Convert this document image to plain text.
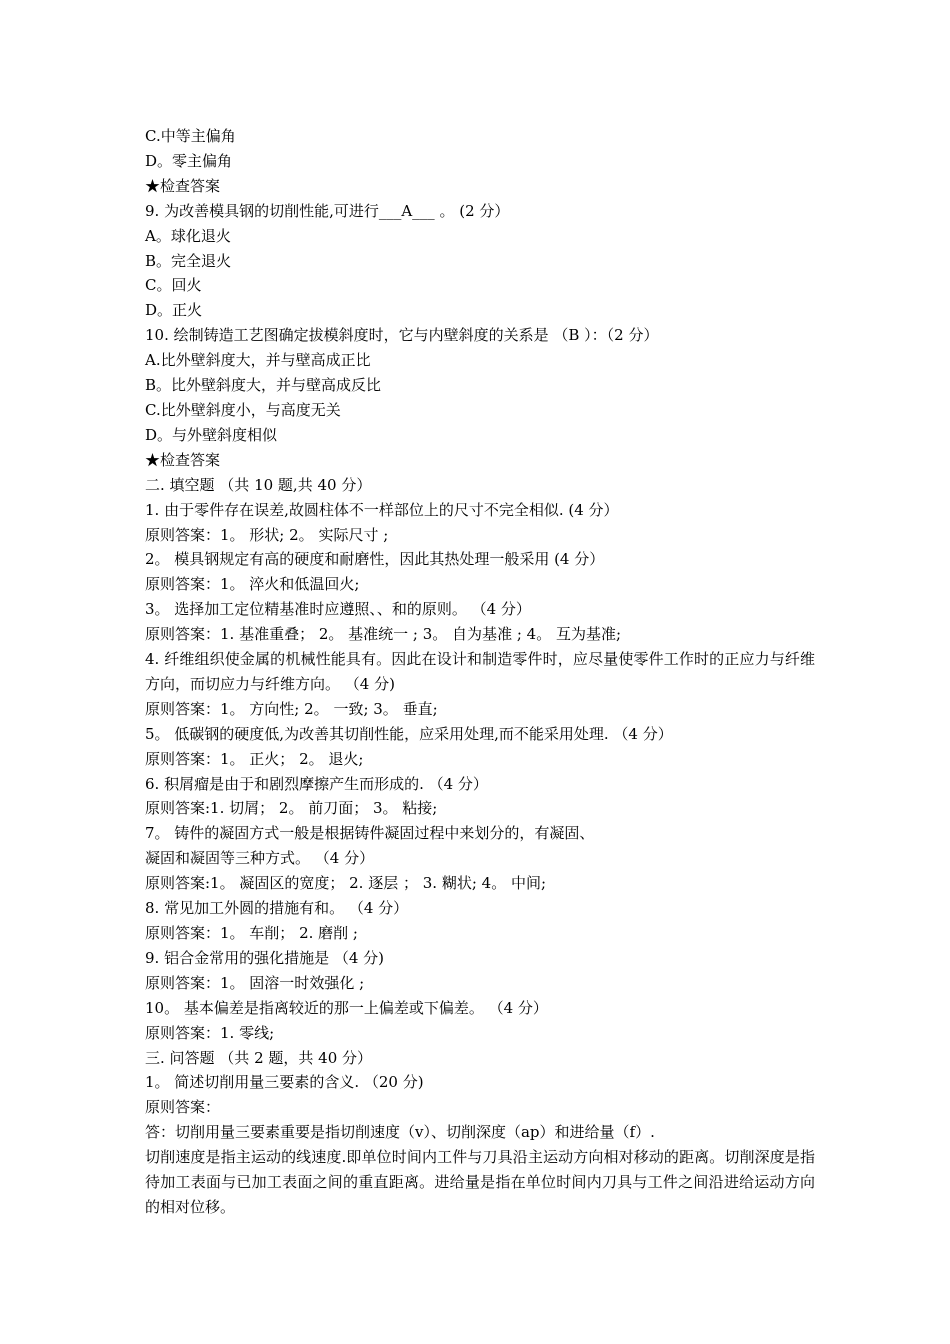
C.中等主偏角

D。零主偏角

★检查答案

9. 为改善模具钢的切削性能,可进行___A___ 。 (2 分）

A。球化退火

B。完全退火

C。回火

D。正火

10. 绘制铸造工艺图确定拔模斜度时，它与内壁斜度的关系是 （B ）：（2 分）

A.比外壁斜度大，并与壁高成正比

B。比外壁斜度大，并与壁高成反比

C.比外壁斜度小，与高度无关

D。与外壁斜度相似

★检查答案

二. 填空题 （共 10 题,共 40 分）

1. 由于零件存在误差,故圆柱体不一样部位上的尺寸不完全相似. (4 分）

原则答案：1。 形状; 2。 实际尺寸 ;

2。 模具钢规定有高的硬度和耐磨性，因此其热处理一般采用 (4 分）

原则答案：1。 淬火和低温回火;

3。 选择加工定位精基准时应遵照、、和的原则。 （4 分）

原则答案：1. 基准重叠； 2。 基准统一 ; 3。 自为基准 ; 4。 互为基准;

4. 纤维组织使金属的机械性能具有。因此在设计和制造零件时，应尽量使零件工作时的正应力与纤维方向，而切应力与纤维方向。 （4 分)

原则答案：1。 方向性; 2。 一致; 3。 垂直;

5。 低碳钢的硬度低,为改善其切削性能，应采用处理,而不能采用处理. （4 分）

原则答案：1。 正火； 2。 退火;

6. 积屑瘤是由于和剧烈摩擦产生而形成的. （4 分）

原则答案:1. 切屑； 2。 前刀面； 3。 粘接;

7。 铸件的凝固方式一般是根据铸件凝固过程中来划分的，有凝固、

凝固和凝固等三种方式。 （4 分）

原则答案:1。 凝固区的宽度； 2. 逐层 ； 3. 糊状; 4。 中间;

8. 常见加工外圆的措施有和。 （4 分）

原则答案：1。 车削； 2. 磨削 ;

9. 铝合金常用的强化措施是 （4 分)

原则答案：1。 固溶一时效强化 ;

10。 基本偏差是指离较近的那一上偏差或下偏差。 （4 分）

原则答案：1. 零线;

三. 问答题 （共 2 题，共 40 分）

1。 简述切削用量三要素的含义. （20 分)

原则答案：

答：切削用量三要素重要是指切削速度（v）、切削深度（ap）和进给量（f）.

切削速度是指主运动的线速度.即单位时间内工件与刀具沿主运动方向相对移动的距离。切削深度是指待加工表面与已加工表面之间的重直距离。进给量是指在单位时间内刀具与工件之间沿进给运动方向的相对位移。
